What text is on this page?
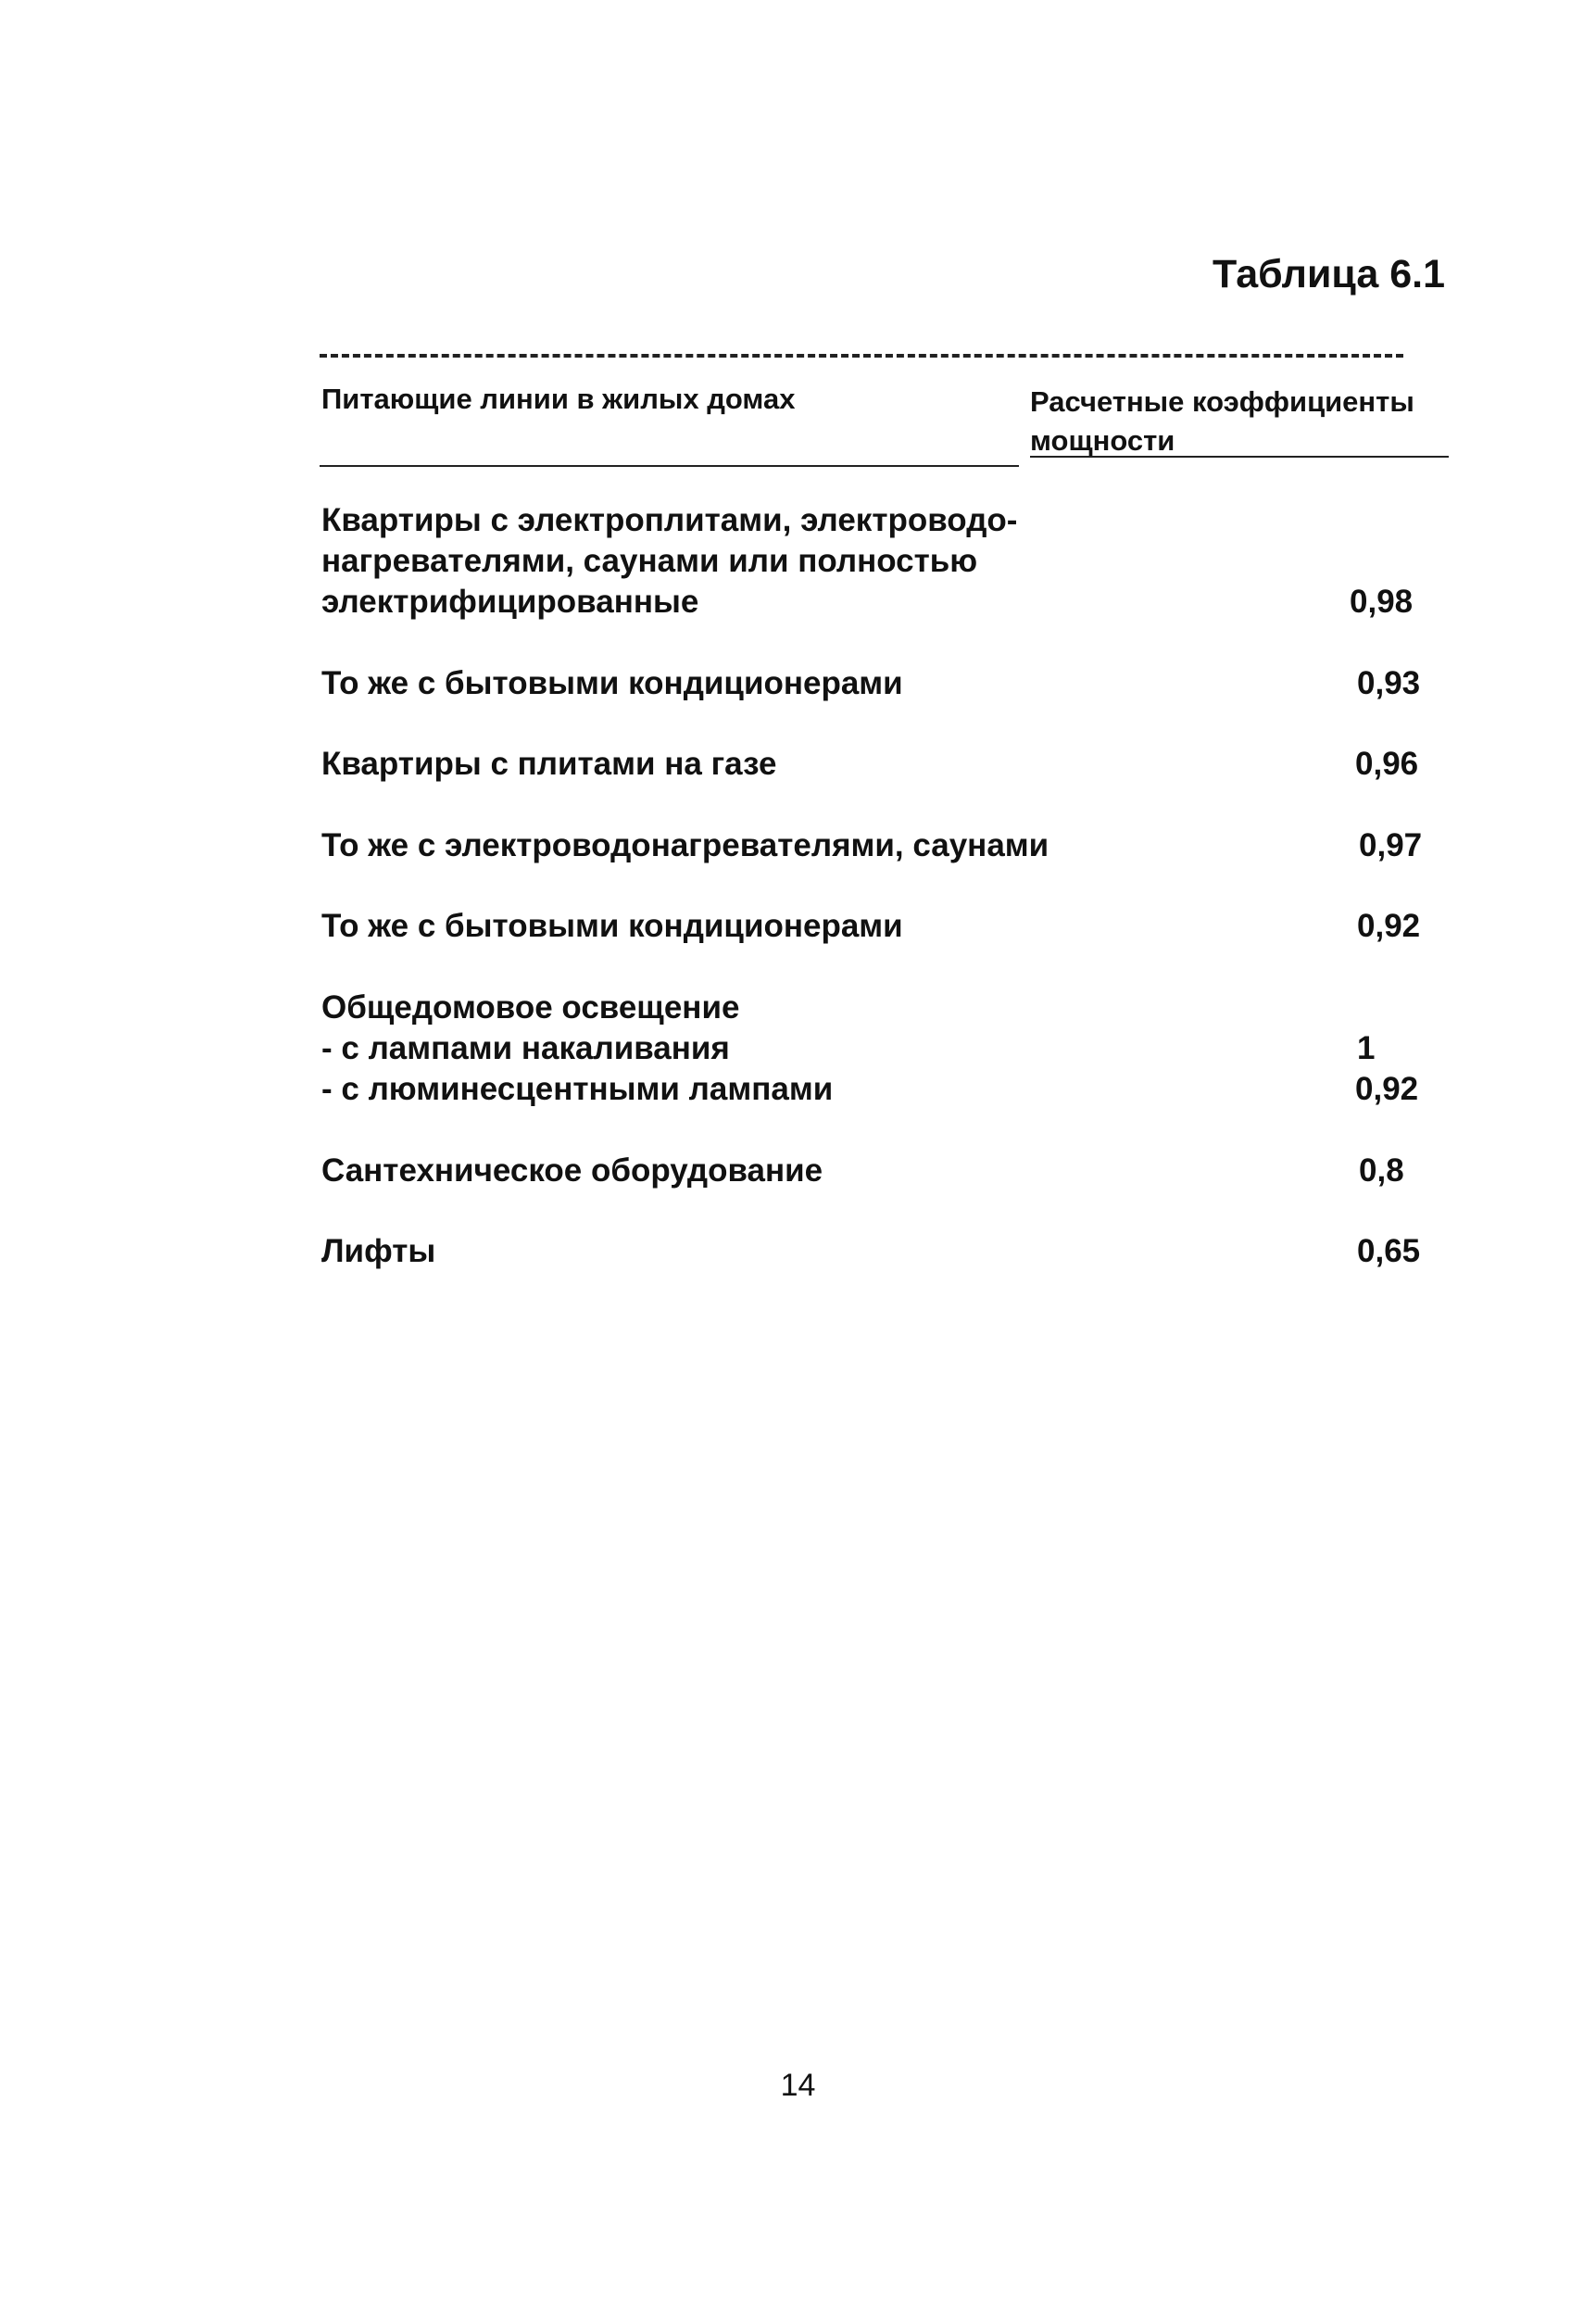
Таблица 6.1
Питающие линии в жилых домах	Расчетные коэффициенты
мощности
Квартиры с электроплитами, электроводо-
нагревателями, саунами или полностью
электрифицированные	0,98
То же с бытовыми кондиционерами	0,93
Квартиры с плитами на газе	0,96
То же с электроводонагревателями, саунами	0,97
То же с бытовыми кондиционерами	0,92
Общедомовое освещение
- с лампами накаливания	1
- с люминесцентными лампами	0,92
Сантехническое оборудование	0,8
Лифты	0,65
14
